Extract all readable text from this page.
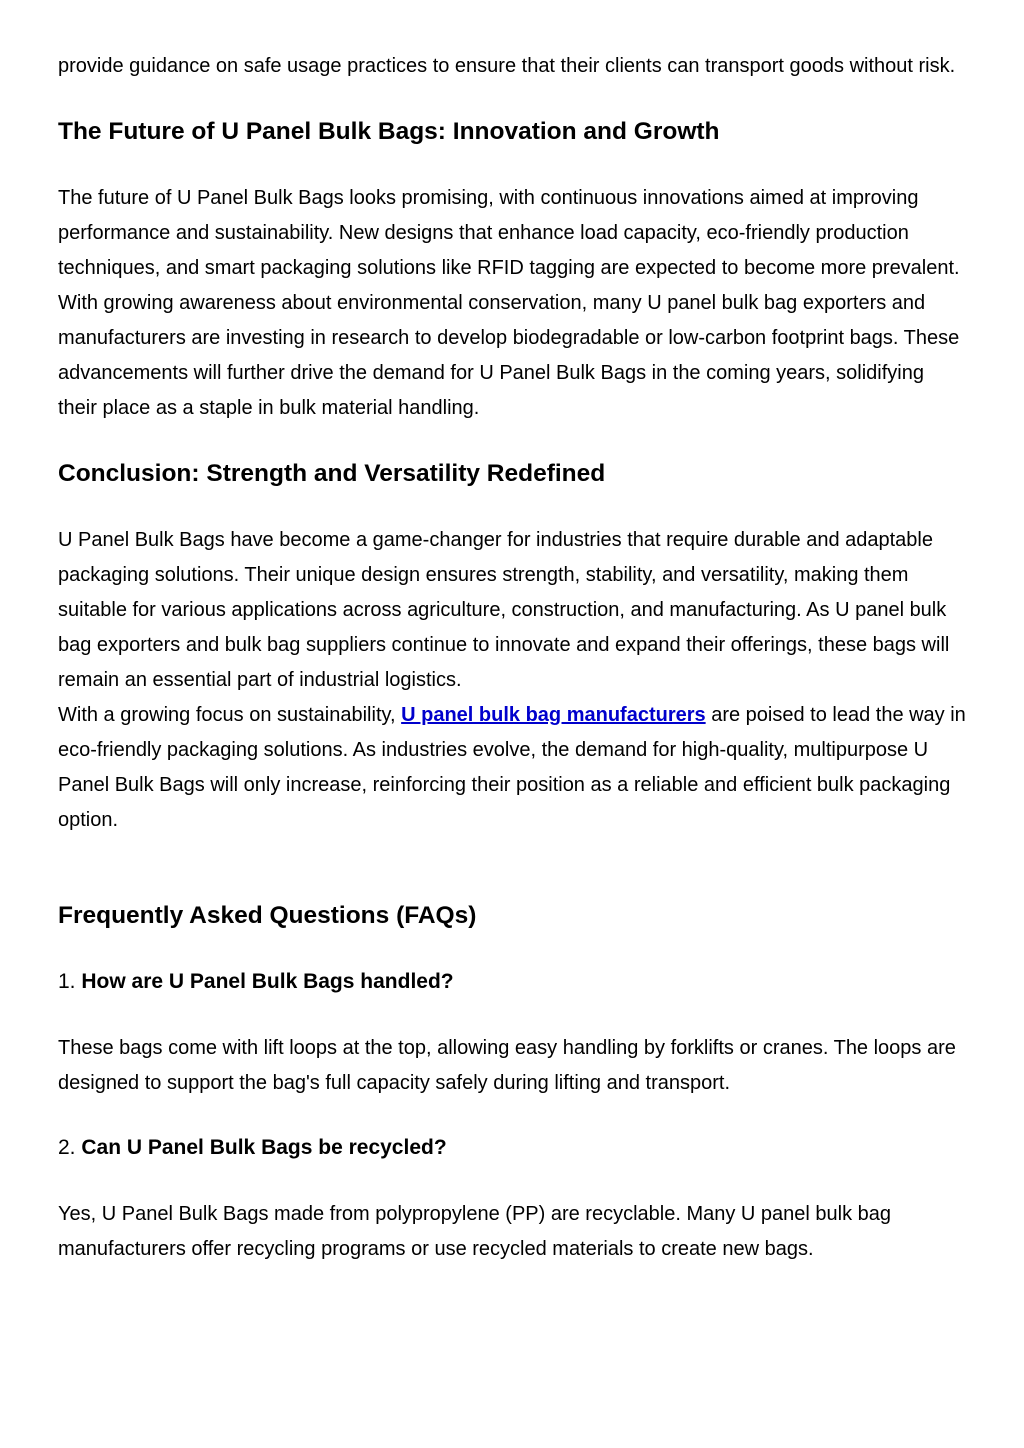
provide guidance on safe usage practices to ensure that their clients can transport goods without risk.

The Future of U Panel Bulk Bags: Innovation and Growth

The future of U Panel Bulk Bags looks promising, with continuous innovations aimed at improving performance and sustainability. New designs that enhance load capacity, eco-friendly production techniques, and smart packaging solutions like RFID tagging are expected to become more prevalent.

With growing awareness about environmental conservation, many U panel bulk bag exporters and manufacturers are investing in research to develop biodegradable or low-carbon footprint bags. These advancements will further drive the demand for U Panel Bulk Bags in the coming years, solidifying their place as a staple in bulk material handling.

Conclusion: Strength and Versatility Redefined

U Panel Bulk Bags have become a game-changer for industries that require durable and adaptable packaging solutions. Their unique design ensures strength, stability, and versatility, making them suitable for various applications across agriculture, construction, and manufacturing. As U panel bulk bag exporters and bulk bag suppliers continue to innovate and expand their offerings, these bags will remain an essential part of industrial logistics.

With a growing focus on sustainability, U panel bulk bag manufacturers are poised to lead the way in eco-friendly packaging solutions. As industries evolve, the demand for high-quality, multipurpose U Panel Bulk Bags will only increase, reinforcing their position as a reliable and efficient bulk packaging option.

Frequently Asked Questions (FAQs)
1. How are U Panel Bulk Bags handled?

These bags come with lift loops at the top, allowing easy handling by forklifts or cranes. The loops are designed to support the bag's full capacity safely during lifting and transport.

2. Can U Panel Bulk Bags be recycled?

Yes, U Panel Bulk Bags made from polypropylene (PP) are recyclable. Many U panel bulk bag manufacturers offer recycling programs or use recycled materials to create new bags.
